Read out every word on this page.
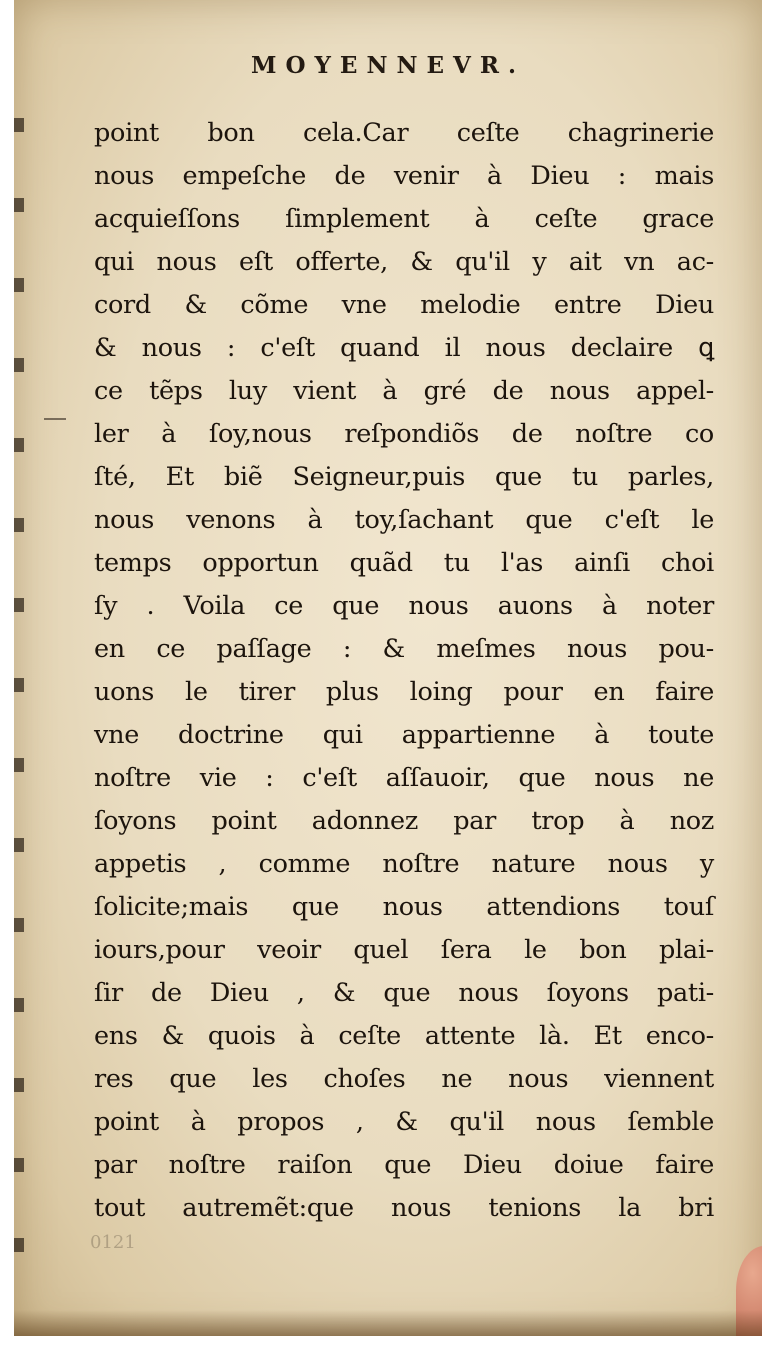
MOYENNEVR.
point bon cela.Car ceſte chagrinerie
nous empeſche de venir à Dieu : mais
acquieſſons ſimplement à ceſte grace
qui nous eſt offerte, & qu'il y ait vn ac-
cord & cõme vne melodie entre Dieu
& nous : c'eſt quand il nous declaire ꝗ
ce tẽps luy vient à gré de nous appel-
ler à ſoy,nous reſpondiõs de noſtre co
ſté, Et biẽ Seigneur,puis que tu parles,
nous venons à toy,ſachant que c'eſt le
temps opportun quãd tu l'as ainſi choi
ſy . Voila ce que nous auons à noter
en ce paſſage : & meſmes nous pou-
uons le tirer plus loing pour en faire
vne doctrine qui appartienne à toute
noſtre vie : c'eſt aſſauoir, que nous ne
ſoyons point adonnez par trop à noz
appetis , comme noſtre nature nous y
ſolicite;mais que nous attendions touſ
iours,pour veoir quel ſera le bon plai-
ſir de Dieu , & que nous ſoyons pati-
ens & quois à ceſte attente là. Et enco-
res que les choſes ne nous viennent
point à propos , & qu'il nous ſemble
par noſtre raiſon que Dieu doiue faire
tout autremẽt:que nous tenions la bri
0121
